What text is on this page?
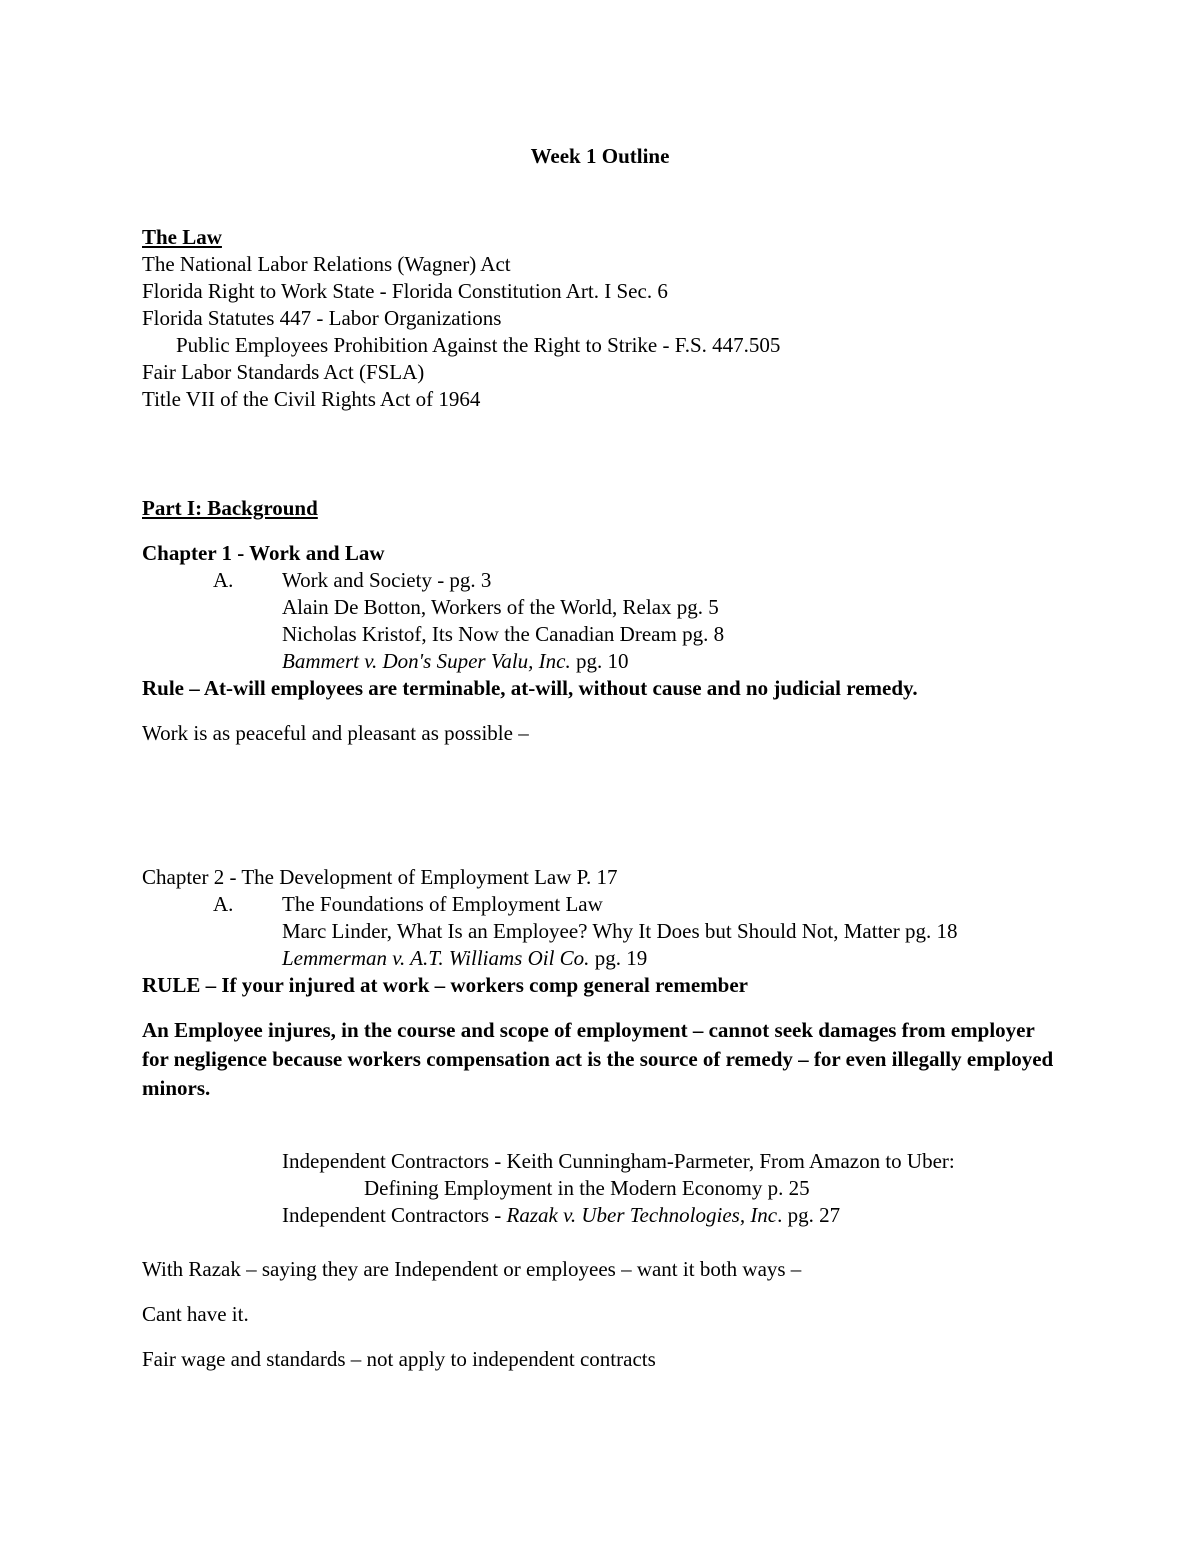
Week 1 Outline
The Law
The National Labor Relations (Wagner) Act
Florida Right to Work State - Florida Constitution Art. I Sec. 6
Florida Statutes 447 - Labor Organizations
Public Employees Prohibition Against the Right to Strike - F.S. 447.505
Fair Labor Standards Act (FSLA)
Title VII of the Civil Rights Act of 1964
Part I: Background
Chapter 1 - Work and Law
A. Work and Society - pg. 3
Alain De Botton, Workers of the World, Relax pg. 5
Nicholas Kristof, Its Now the Canadian Dream pg. 8
Bammert v. Don's Super Valu, Inc. pg. 10
Rule – At-will employees are terminable, at-will, without cause and no judicial remedy.
Work is as peaceful and pleasant as possible –
Chapter 2 - The Development of Employment Law P. 17
A. The Foundations of Employment Law
Marc Linder, What Is an Employee? Why It Does but Should Not, Matter pg. 18
Lemmerman v. A.T. Williams Oil Co. pg. 19
RULE – If your injured at work – workers comp general remember
An Employee injures, in the course and scope of employment – cannot seek damages from employer for negligence because workers compensation act is the source of remedy – for even illegally employed minors.
Independent Contractors - Keith Cunningham-Parmeter, From Amazon to Uber:
Defining Employment in the Modern Economy p. 25
Independent Contractors - Razak v. Uber Technologies, Inc. pg. 27
With Razak – saying they are Independent or employees – want it both ways –
Cant have it.
Fair wage and standards – not apply to independent contracts
